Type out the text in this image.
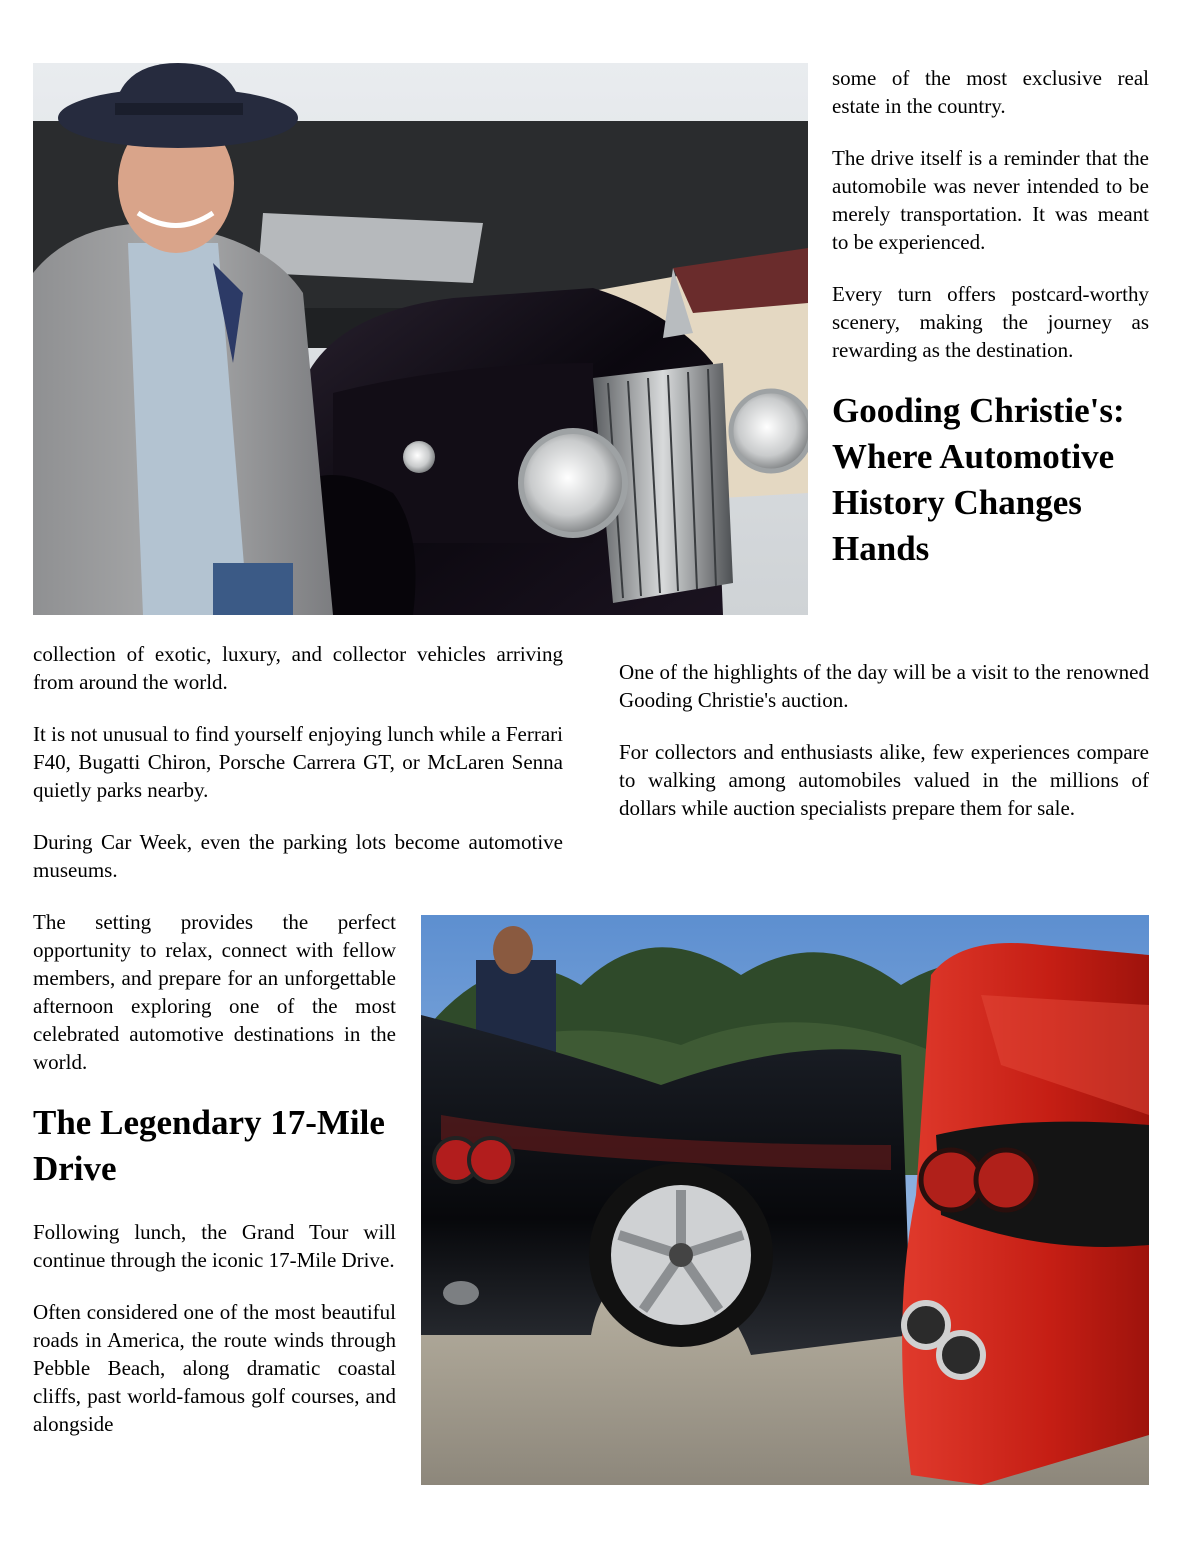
some of the most exclusive real estate in the country.

The drive itself is a reminder that the automobile was never intended to be merely transportation. It was meant to be experienced.

Every turn offers postcard-worthy scenery, making the journey as rewarding as the destination.

Gooding Christie's: Where Automotive History Changes Hands

collection of exotic, luxury, and collector vehicles arriving from around the world.

It is not unusual to find yourself enjoying lunch while a Ferrari F40, Bugatti Chiron, Porsche Carrera GT, or McLaren Senna quietly parks nearby.

During Car Week, even the parking lots become automotive museums.

One of the highlights of the day will be a visit to the renowned Gooding Christie's auction.

For collectors and enthusiasts alike, few experiences compare to walking among automobiles valued in the millions of dollars while auction specialists prepare them for sale.

The setting provides the perfect opportunity to relax, connect with fellow members, and prepare for an unforgettable afternoon exploring one of the most celebrated automotive destinations in the world.

The Legendary 17-Mile Drive

Following lunch, the Grand Tour will continue through the iconic 17-Mile Drive.

Often considered one of the most beautiful roads in America, the route winds through Pebble Beach, along dramatic coastal cliffs, past world-famous golf courses, and alongside
